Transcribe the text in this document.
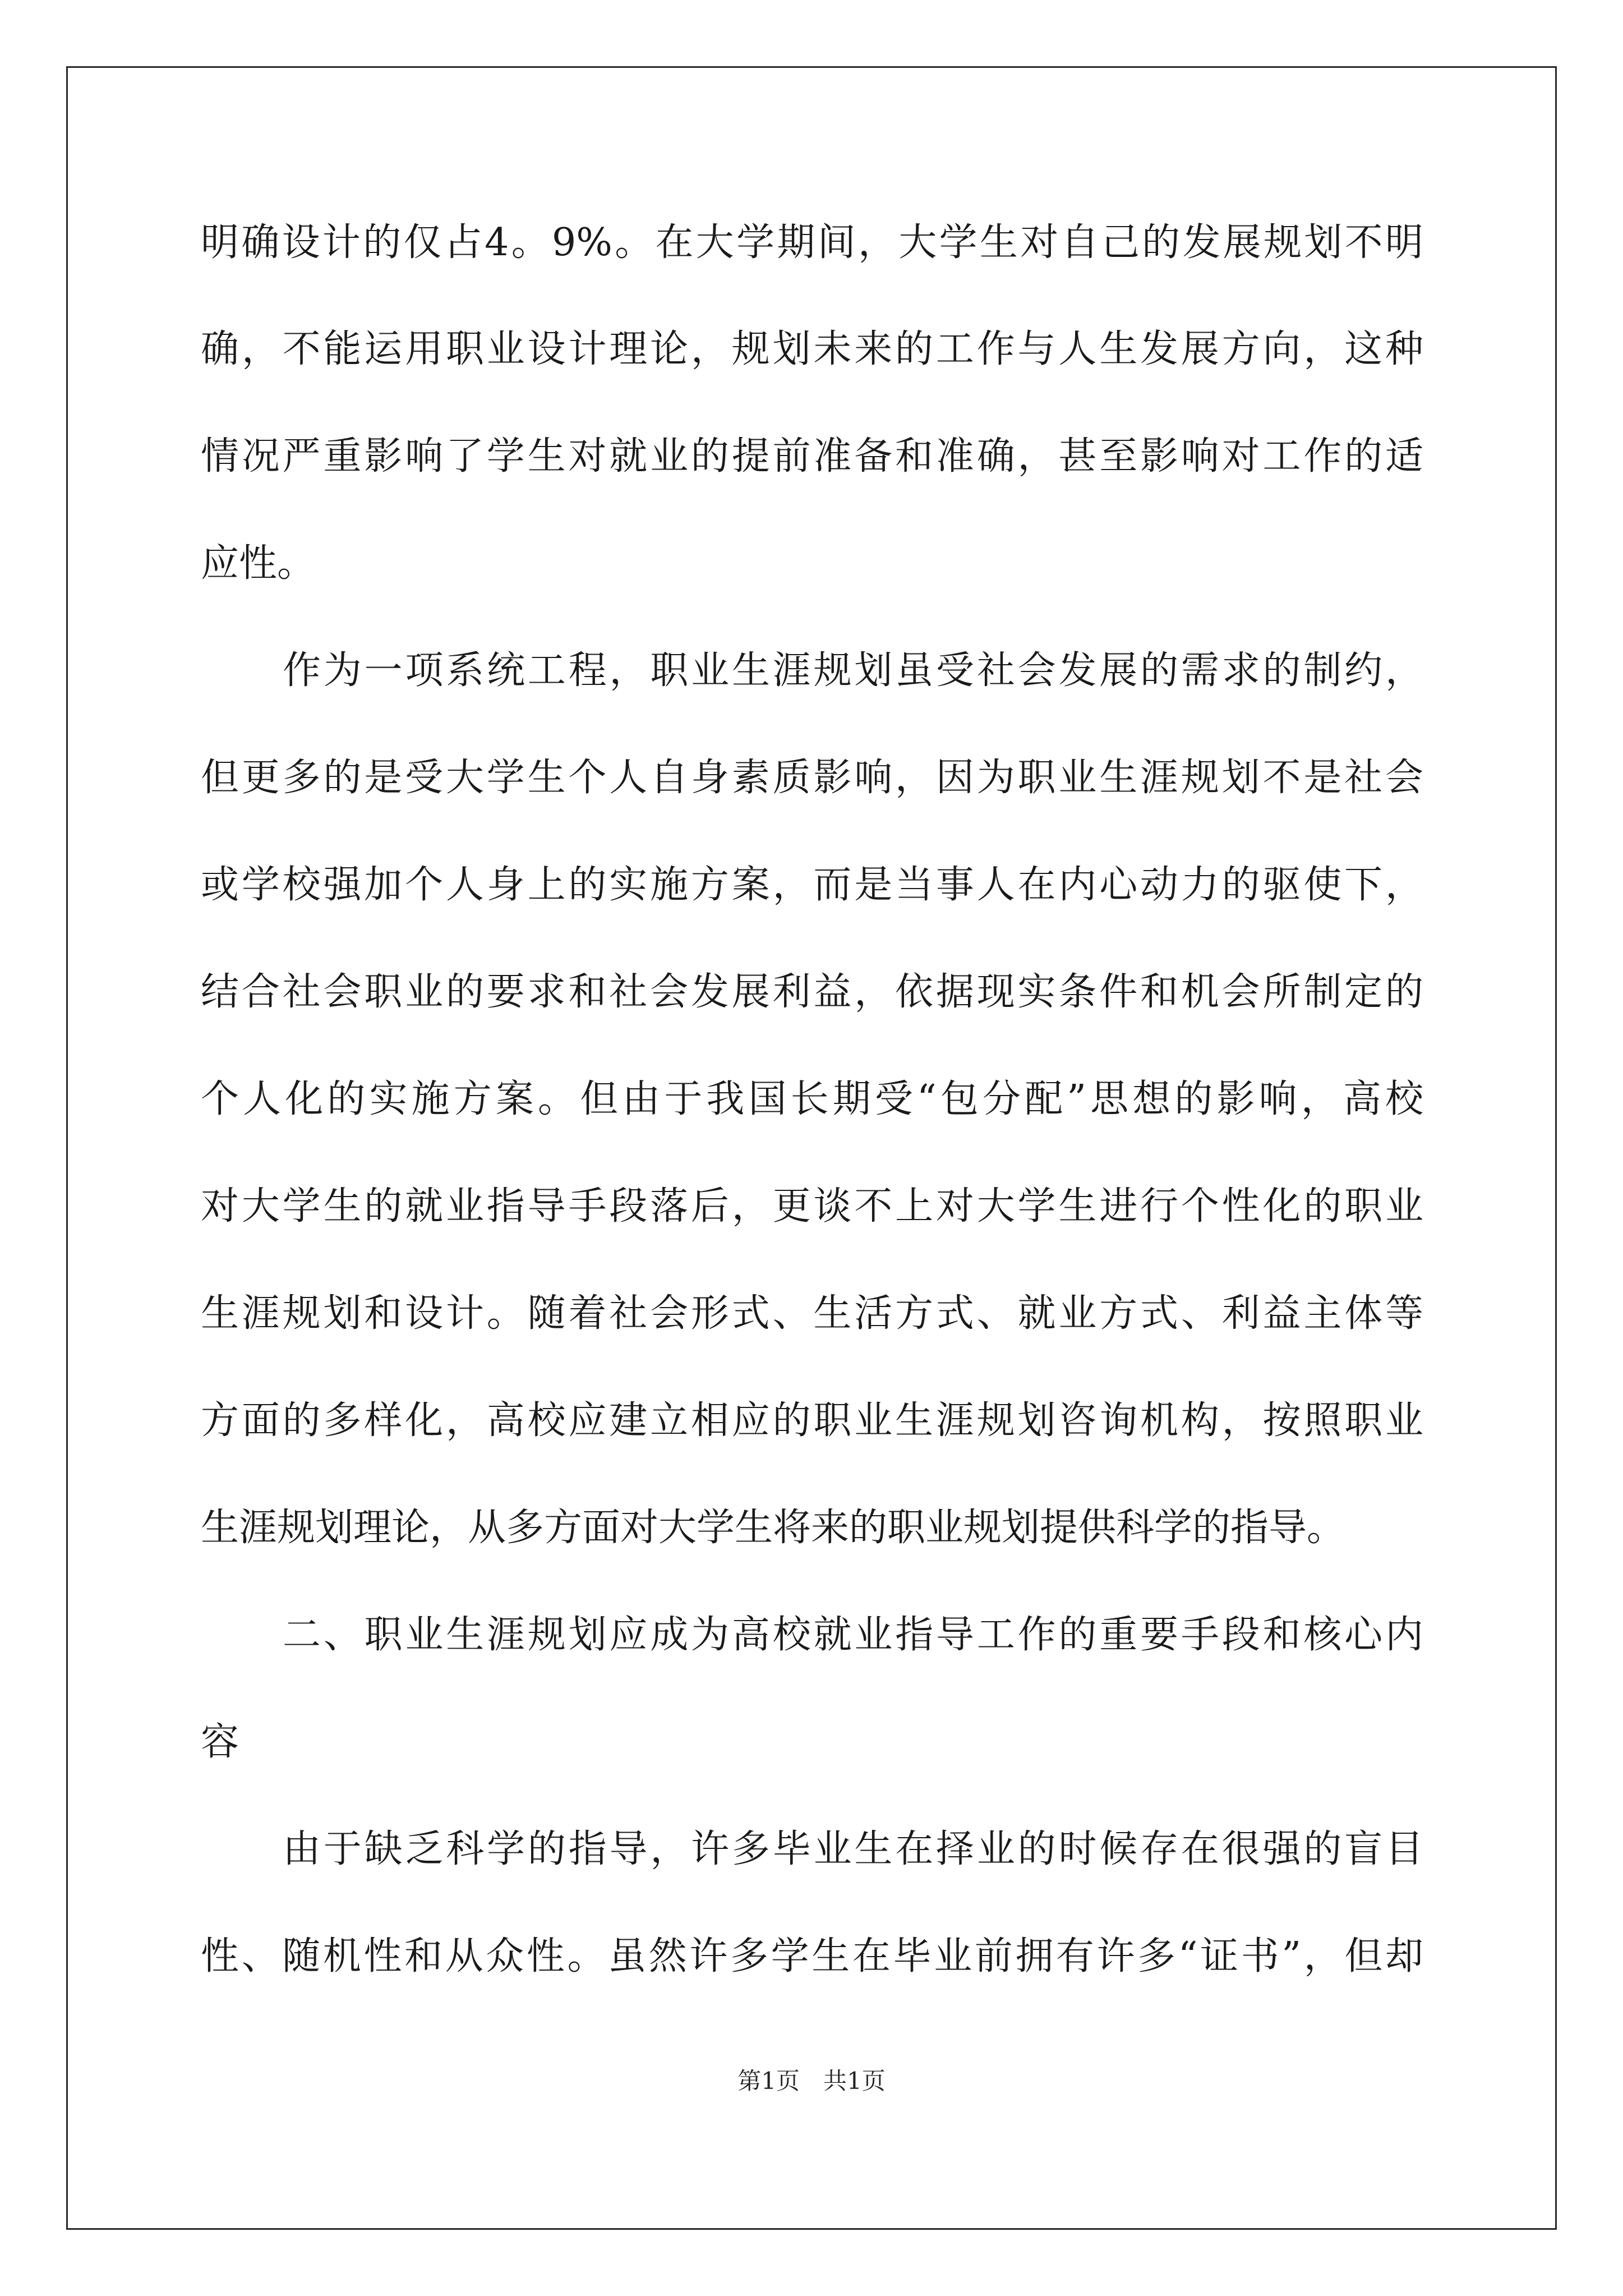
明确设计的仅占4。9%。在大学期间，大学生对自己的发展规划不明
确，不能运用职业设计理论，规划未来的工作与人生发展方向，这种
情况严重影响了学生对就业的提前准备和准确，甚至影响对工作的适
应性。
作为一项系统工程，职业生涯规划虽受社会发展的需求的制约，
但更多的是受大学生个人自身素质影响，因为职业生涯规划不是社会
或学校强加个人身上的实施方案，而是当事人在内心动力的驱使下，
结合社会职业的要求和社会发展利益，依据现实条件和机会所制定的
个人化的实施方案。但由于我国长期受“包分配”思想的影响，高校
对大学生的就业指导手段落后，更谈不上对大学生进行个性化的职业
生涯规划和设计。随着社会形式、生活方式、就业方式、利益主体等
方面的多样化，高校应建立相应的职业生涯规划咨询机构，按照职业
生涯规划理论，从多方面对大学生将来的职业规划提供科学的指导。
二、职业生涯规划应成为高校就业指导工作的重要手段和核心内
容
由于缺乏科学的指导，许多毕业生在择业的时候存在很强的盲目
性、随机性和从众性。虽然许多学生在毕业前拥有许多“证书”，但却
第1页　共1页
